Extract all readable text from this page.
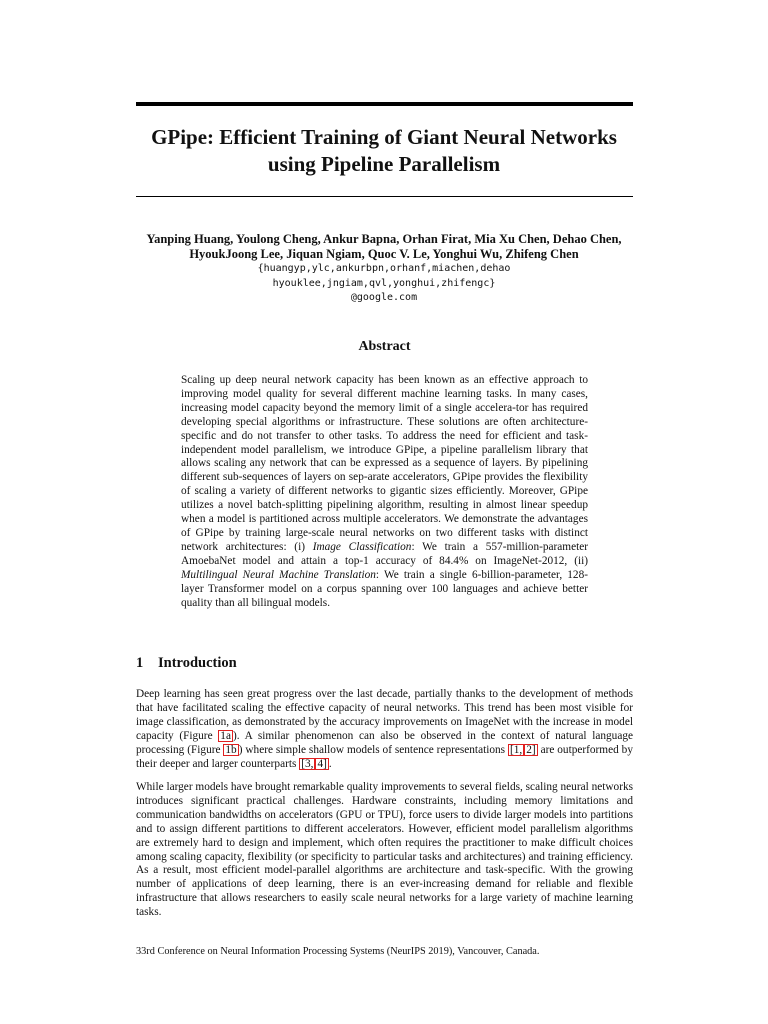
GPipe: Efficient Training of Giant Neural Networks
using Pipeline Parallelism
Yanping Huang, Youlong Cheng, Ankur Bapna, Orhan Firat, Mia Xu Chen, Dehao Chen,
HyoukJoong Lee, Jiquan Ngiam, Quoc V. Le, Yonghui Wu, Zhifeng Chen
{huangyp,ylc,ankurbpn,orhanf,miachen,dehao
hyouklee,jngiam,qvl,yonghui,zhifengc}
@google.com
Abstract

Scaling up deep neural network capacity has been known as an effective approach to improving model quality for several different machine learning tasks. In many cases, increasing model capacity beyond the memory limit of a single accelera-tor has required developing special algorithms or infrastructure. These solutions are often architecture-specific and do not transfer to other tasks. To address the need for efficient and task-independent model parallelism, we introduce GPipe, a pipeline parallelism library that allows scaling any network that can be expressed as a sequence of layers. By pipelining different sub-sequences of layers on sep-arate accelerators, GPipe provides the flexibility of scaling a variety of different networks to gigantic sizes efficiently. Moreover, GPipe utilizes a novel batch-splitting pipelining algorithm, resulting in almost linear speedup when a model is partitioned across multiple accelerators. We demonstrate the advantages of GPipe by training large-scale neural networks on two different tasks with distinct network architectures: (i) Image Classification: We train a 557-million-parameter AmoebaNet model and attain a top-1 accuracy of 84.4% on ImageNet-2012, (ii) Multilingual Neural Machine Translation: We train a single 6-billion-parameter, 128-layer Transformer model on a corpus spanning over 100 languages and achieve better quality than all bilingual models.

1 Introduction

Deep learning has seen great progress over the last decade, partially thanks to the development of methods that have facilitated scaling the effective capacity of neural networks. This trend has been most visible for image classification, as demonstrated by the accuracy improvements on ImageNet with the increase in model capacity (Figure 1a ). A similar phenomenon can also be observed in the context of natural language processing (Figure 1b ) where simple shallow models of sentence representations [1, 2] are outperformed by their deeper and larger counterparts [3, 4] .

While larger models have brought remarkable quality improvements to several fields, scaling neural networks introduces significant practical challenges. Hardware constraints, including memory limitations and communication bandwidths on accelerators (GPU or TPU), force users to divide larger models into partitions and to assign different partitions to different accelerators. However, efficient model parallelism algorithms are extremely hard to design and implement, which often requires the practitioner to make difficult choices among scaling capacity, flexibility (or specificity to particular tasks and architectures) and training efficiency. As a result, most efficient model-parallel algorithms are architecture and task-specific. With the growing number of applications of deep learning, there is an ever-increasing demand for reliable and flexible infrastructure that allows researchers to easily scale neural networks for a large variety of machine learning tasks.

33rd Conference on Neural Information Processing Systems (NeurIPS 2019), Vancouver, Canada.
